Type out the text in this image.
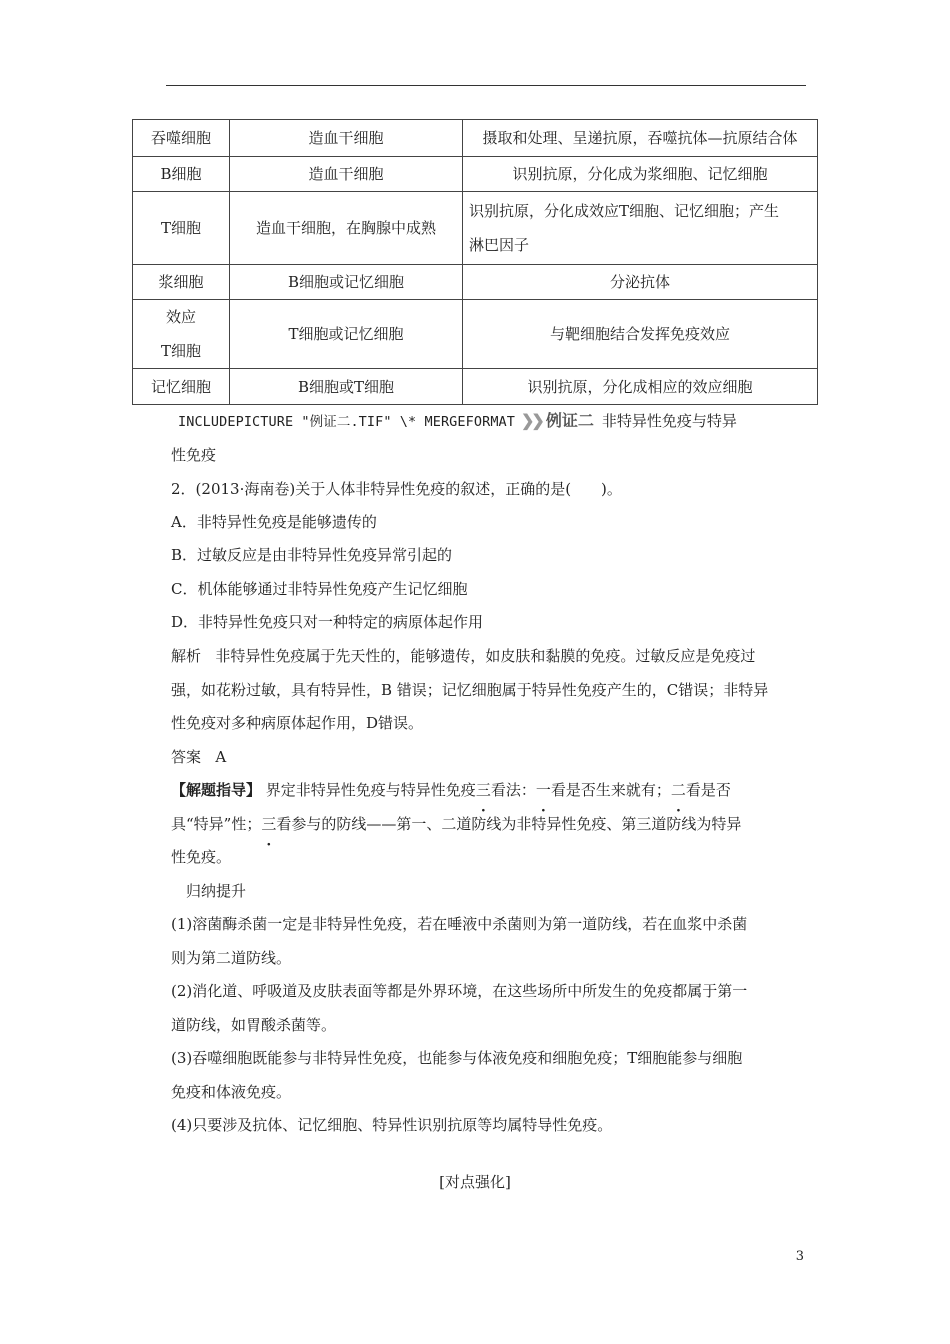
吞噬细胞	造血干细胞	摄取和处理、呈递抗原，吞噬抗体—抗原结合体
B细胞	造血干细胞	识别抗原，分化成为浆细胞、记忆细胞
T细胞	造血干细胞，在胸腺中成熟	识别抗原，分化成效应T细胞、记忆细胞；产生
淋巴因子

浆细胞	B细胞或记忆细胞	分泌抗体

效应
T细胞	T细胞或记忆细胞	与靶细胞结合发挥免疫效应
记忆细胞	B细胞或T细胞	识别抗原，分化成相应的效应细胞

INCLUDEPICTURE "例证二.TIF" \* MERGEFORMAT ❯❯ 例证二 非特异性免疫与特异

性免疫

2．(2013·海南卷)关于人体非特异性免疫的叙述，正确的是(　　)。

A．非特异性免疫是能够遗传的

B．过敏反应是由非特异性免疫异常引起的

C．机体能够通过非特异性免疫产生记忆细胞

D．非特异性免疫只对一种特定的病原体起作用

解析 非特异性免疫属于先天性的，能够遗传，如皮肤和黏膜的免疫。过敏反应是免疫过

强，如花粉过敏，具有特异性，B 错误；记忆细胞属于特异性免疫产生的，C错误；非特异

性免疫对多种病原体起作用，D错误。

答案 A

【解题指导】 界定非特异性免疫与特异性免疫三看法：一看是否生来就有；二看是否

具“特异”性；三看参与的防线——第一、二道防线为非特异性免疫、第三道防线为特异

性免疫。

归纳提升

(1)溶菌酶杀菌一定是非特异性免疫，若在唾液中杀菌则为第一道防线，若在血浆中杀菌

则为第二道防线。

(2)消化道、呼吸道及皮肤表面等都是外界环境，在这些场所中所发生的免疫都属于第一

道防线，如胃酸杀菌等。

(3)吞噬细胞既能参与非特异性免疫，也能参与体液免疫和细胞免疫；T细胞能参与细胞

免疫和体液免疫。

(4)只要涉及抗体、记忆细胞、特异性识别抗原等均属特导性免疫。

[对点强化]
3
